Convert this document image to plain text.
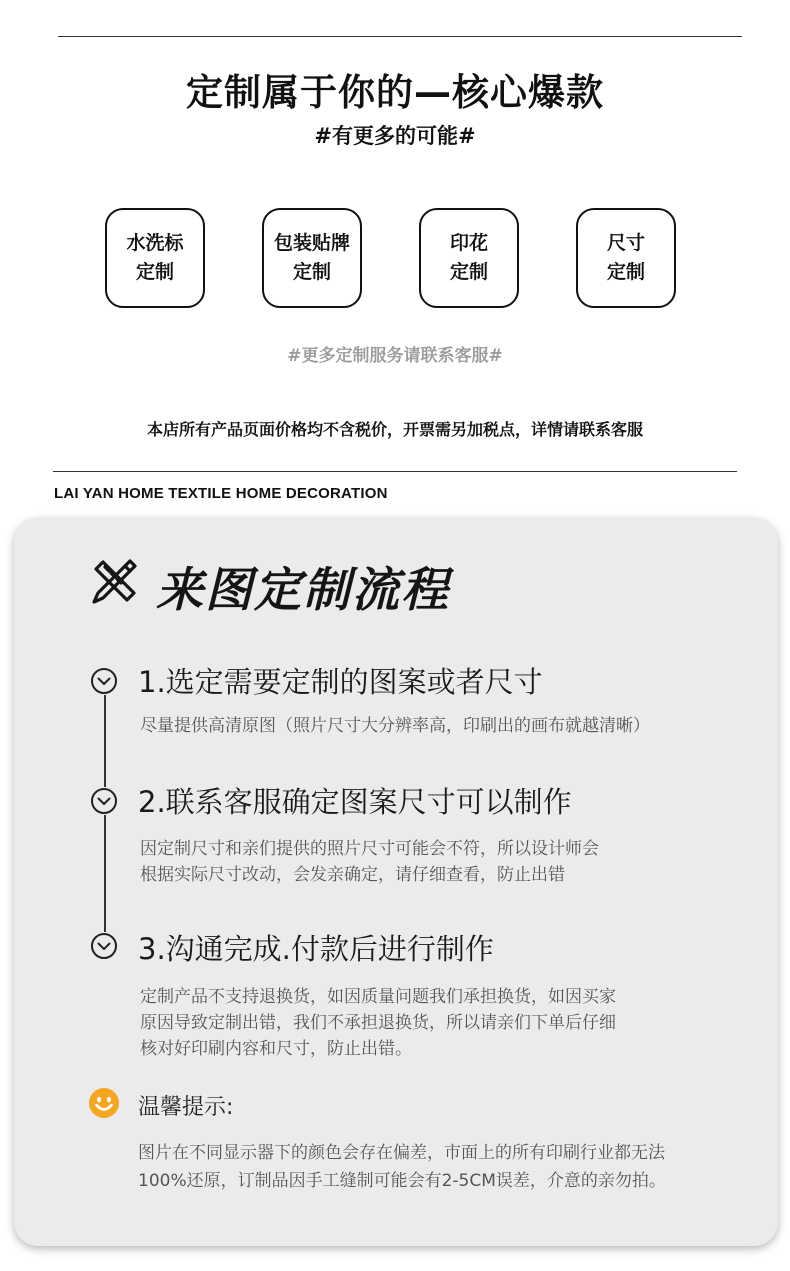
定制属于你的—核心爆款
#有更多的可能#
水洗标
定制
包装贴牌
定制
印花
定制
尺寸
定制
#更多定制服务请联系客服#
本店所有产品页面价格均不含税价，开票需另加税点，详情请联系客服
LAI YAN HOME TEXTILE HOME DECORATION
来图定制流程
1.选定需要定制的图案或者尺寸
尽量提供高清原图（照片尺寸大分辨率高，印刷出的画布就越清晰）
2.联系客服确定图案尺寸可以制作
因定制尺寸和亲们提供的照片尺寸可能会不符，所以设计师会
根据实际尺寸改动，会发亲确定，请仔细查看，防止出错
3.沟通完成.付款后进行制作
定制产品不支持退换货，如因质量问题我们承担换货，如因买家
原因导致定制出错，我们不承担退换货，所以请亲们下单后仔细
核对好印刷内容和尺寸，防止出错。
温馨提示:
图片在不同显示器下的颜色会存在偏差，市面上的所有印刷行业都无法
100%还原，订制品因手工缝制可能会有2-5CM误差，介意的亲勿拍。
